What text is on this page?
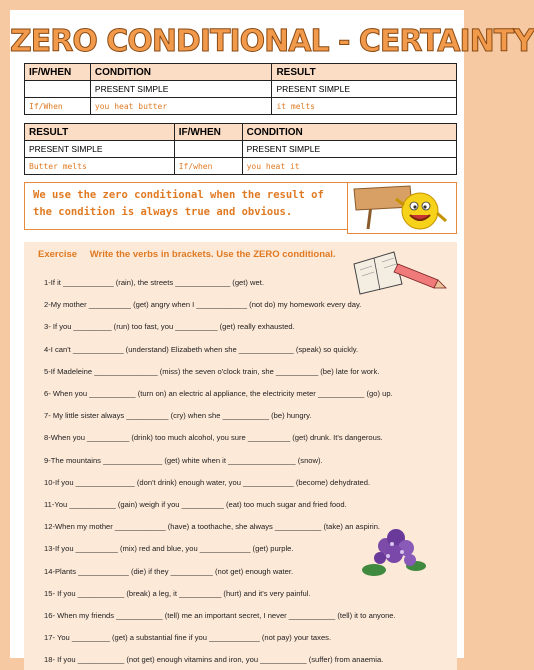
ZERO CONDITIONAL - CERTAINTY
IF/WHEN	CONDITION	RESULT
	PRESENT SIMPLE	PRESENT SIMPLE
If/When	you heat butter	it melts
RESULT	IF/WHEN	CONDITION
PRESENT SIMPLE		PRESENT SIMPLE
Butter melts	If/when	you heat it
We use the zero conditional when the result of the condition is always true and obvious.
Exercise Write the verbs in brackets. Use the ZERO conditional.
1-If it ____________ (rain), the streets _____________ (get) wet.
2-My mother __________ (get) angry when I ____________ (not do) my homework every day.
3- If you _________ (run) too fast, you __________ (get) really exhausted.
4-I can't ____________ (understand) Elizabeth when she _____________ (speak) so quickly.
5-If Madeleine _______________ (miss) the seven o'clock train, she __________ (be) late for work.
6- When you ___________ (turn on) an electric al appliance, the electricity meter ___________ (go) up.
7- My little sister always __________ (cry) when she ___________ (be) hungry.
8-When you __________ (drink) too much alcohol, you sure __________ (get) drunk. It's dangerous.
9-The mountains ______________ (get) white when it ________________ (snow).
10-If you ______________ (don't drink) enough water, you ____________ (become) dehydrated.
11-You ___________ (gain) weigh if you __________ (eat) too much sugar and fried food.
12-When my mother ____________ (have) a toothache, she always ___________ (take) an aspirin.
13-If you __________ (mix) red and blue, you ____________ (get) purple.
14-Plants ____________ (die) if they __________ (not get) enough water.
15- If you ___________ (break) a leg, it __________ (hurt) and it's very painful.
16- When my friends ___________ (tell) me an important secret, I never ___________ (tell) it to anyone.
17- You _________ (get) a substantial fine if you ____________ (not pay) your taxes.
18- If you ___________ (not get) enough vitamins and iron, you ___________ (suffer) from anaemia.
